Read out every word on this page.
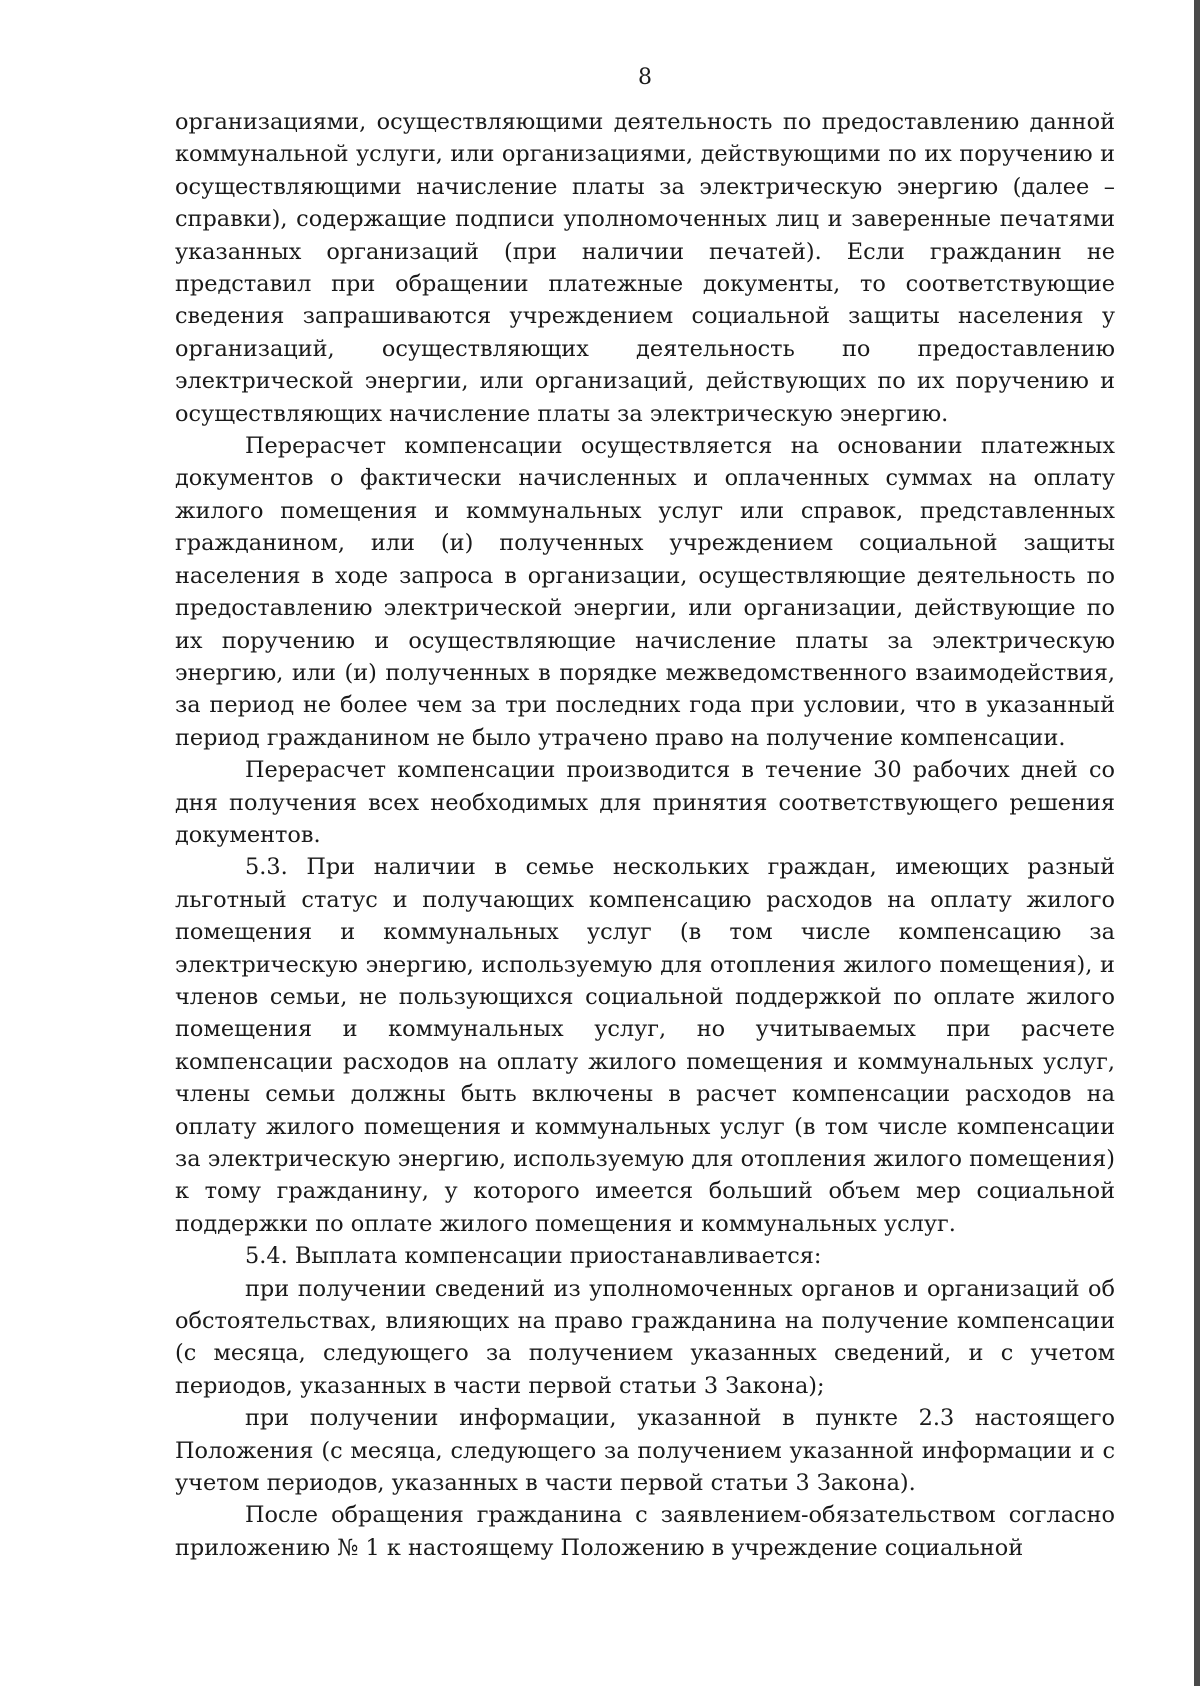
8

организациями, осуществляющими деятельность по предоставлению данной коммунальной услуги, или организациями, действующими по их поручению и осуществляющими начисление платы за электрическую энергию (далее – справки), содержащие подписи уполномоченных лиц и заверенные печатями указанных организаций (при наличии печатей). Если гражданин не представил при обращении платежные документы, то соответствующие сведения запрашиваются учреждением социальной защиты населения у организаций, осуществляющих деятельность по предоставлению электрической энергии, или организаций, действующих по их поручению и осуществляющих начисление платы за электрическую энергию.

Перерасчет компенсации осуществляется на основании платежных документов о фактически начисленных и оплаченных суммах на оплату жилого помещения и коммунальных услуг или справок, представленных гражданином, или (и) полученных учреждением социальной защиты населения в ходе запроса в организации, осуществляющие деятельность по предоставлению электрической энергии, или организации, действующие по их поручению и осуществляющие начисление платы за электрическую энергию, или (и) полученных в порядке межведомственного взаимодействия, за период не более чем за три последних года при условии, что в указанный период гражданином не было утрачено право на получение компенсации.

Перерасчет компенсации производится в течение 30 рабочих дней со дня получения всех необходимых для принятия соответствующего решения документов.

5.3. При наличии в семье нескольких граждан, имеющих разный льготный статус и получающих компенсацию расходов на оплату жилого помещения и коммунальных услуг (в том числе компенсацию за электрическую энергию, используемую для отопления жилого помещения), и членов семьи, не пользующихся социальной поддержкой по оплате жилого помещения и коммунальных услуг, но учитываемых при расчете компенсации расходов на оплату жилого помещения и коммунальных услуг, члены семьи должны быть включены в расчет компенсации расходов на оплату жилого помещения и коммунальных услуг (в том числе компенсации за электрическую энергию, используемую для отопления жилого помещения) к тому гражданину, у которого имеется больший объем мер социальной поддержки по оплате жилого помещения и коммунальных услуг.

5.4. Выплата компенсации приостанавливается:

при получении сведений из уполномоченных органов и организаций об обстоятельствах, влияющих на право гражданина на получение компенсации (с месяца, следующего за получением указанных сведений, и с учетом периодов, указанных в части первой статьи 3 Закона);

при получении информации, указанной в пункте 2.3 настоящего Положения (с месяца, следующего за получением указанной информации и с учетом периодов, указанных в части первой статьи 3 Закона).

После обращения гражданина с заявлением-обязательством согласно приложению № 1 к настоящему Положению в учреждение социальной
